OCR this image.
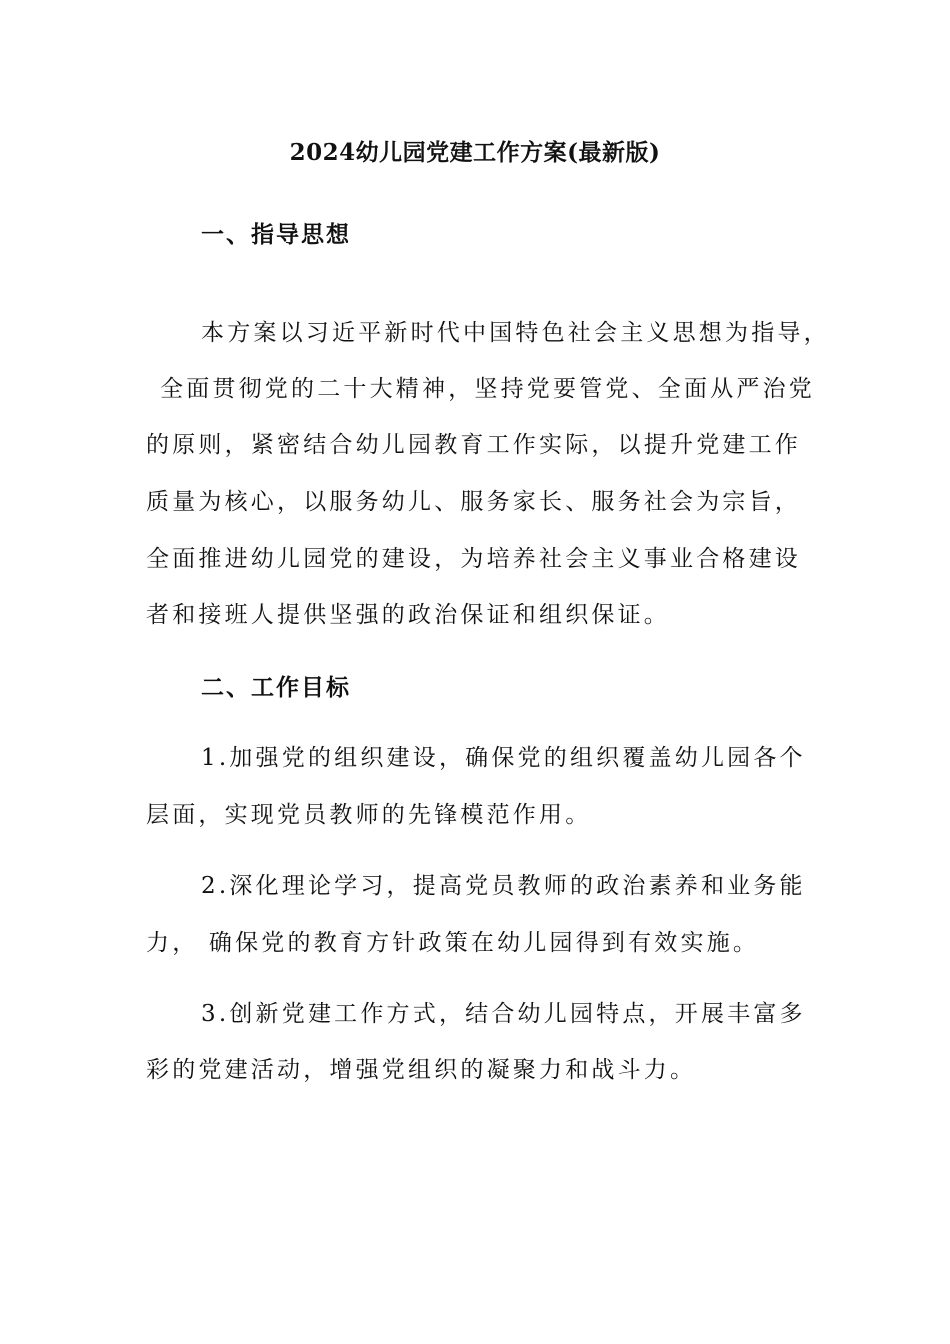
2024幼儿园党建工作方案(最新版)
一、指导思想
本方案以习近平新时代中国特色社会主义思想为指导，
全面贯彻党的二十大精神，坚持党要管党、全面从严治党
的原则，紧密结合幼儿园教育工作实际，以提升党建工作
质量为核心，以服务幼儿、服务家长、服务社会为宗旨，
全面推进幼儿园党的建设，为培养社会主义事业合格建设
者和接班人提供坚强的政治保证和组织保证。
二、工作目标
1.加强党的组织建设，确保党的组织覆盖幼儿园各个
层面，实现党员教师的先锋模范作用。
2.深化理论学习，提高党员教师的政治素养和业务能
力， 确保党的教育方针政策在幼儿园得到有效实施。
3.创新党建工作方式，结合幼儿园特点，开展丰富多
彩的党建活动，增强党组织的凝聚力和战斗力。
